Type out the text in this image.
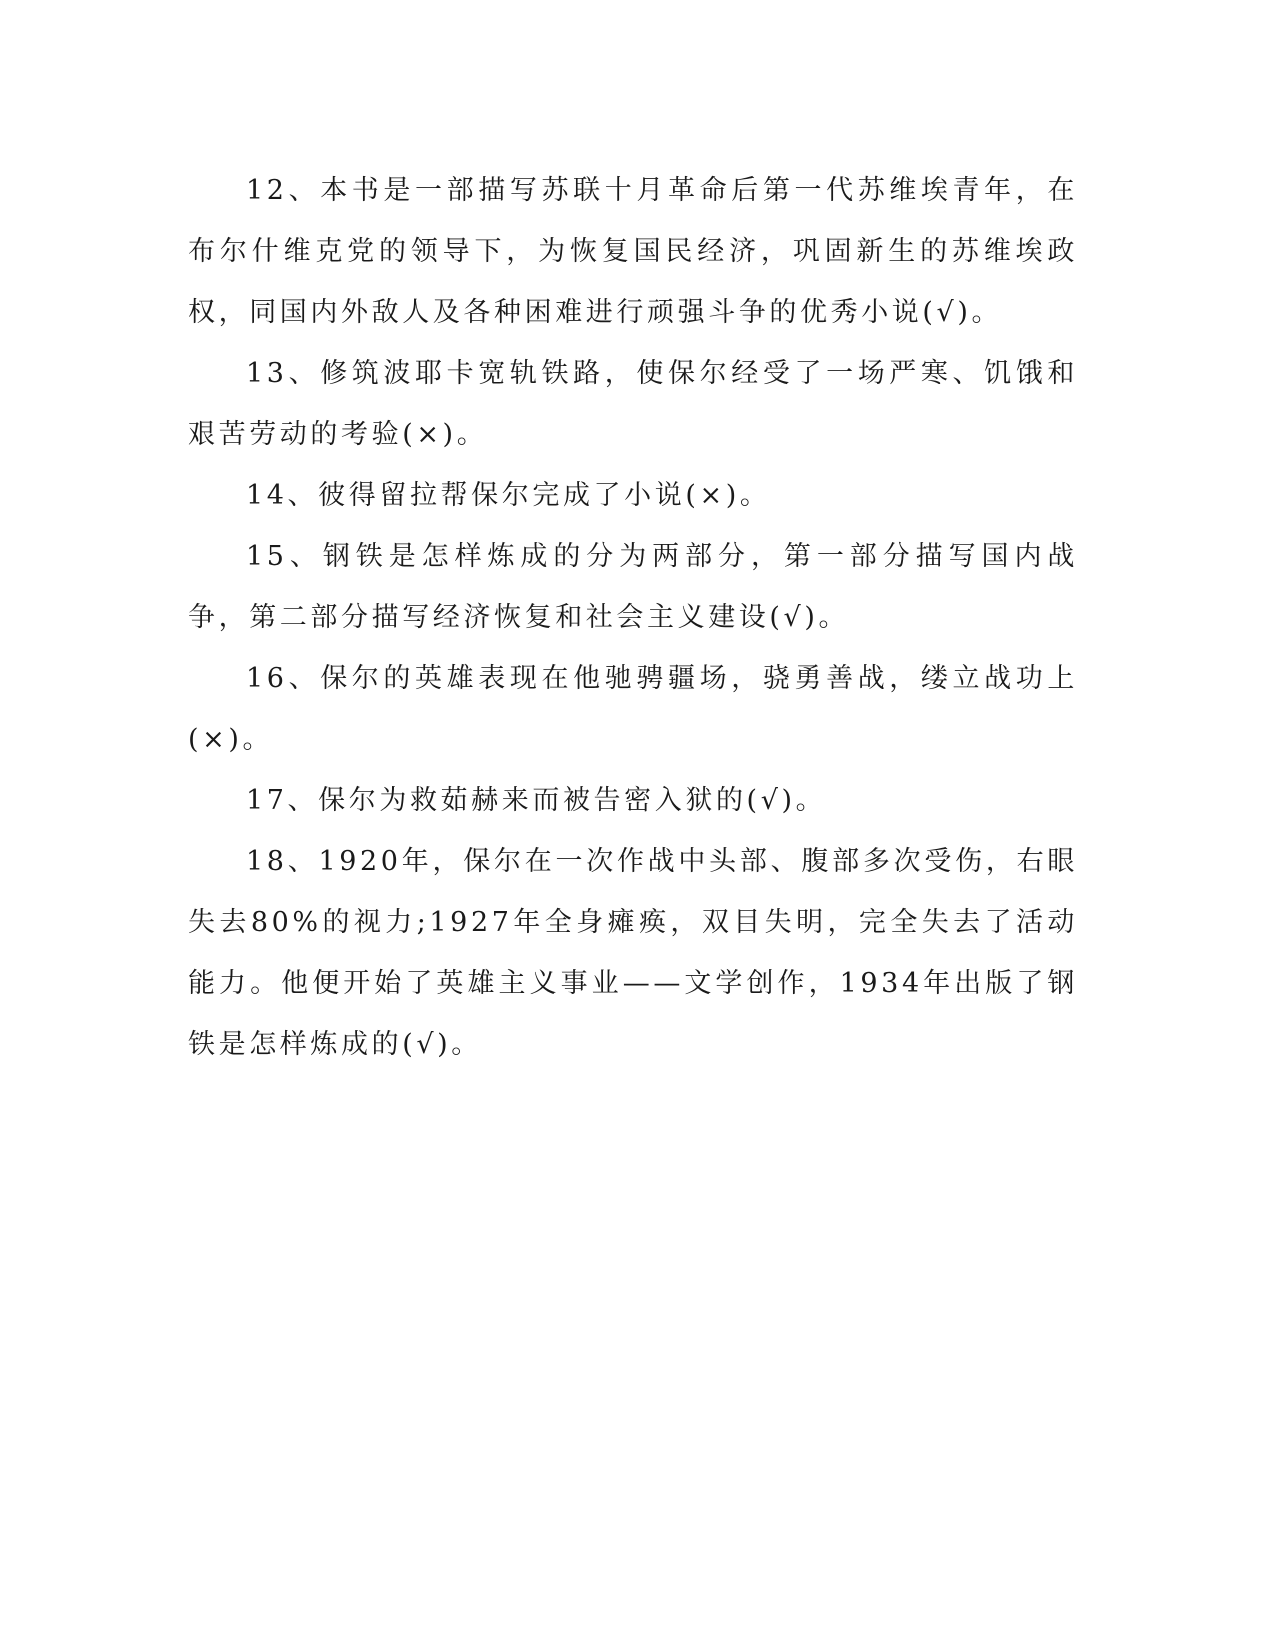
12、本书是一部描写苏联十月革命后第一代苏维埃青年，在布尔什维克党的领导下，为恢复国民经济，巩固新生的苏维埃政权，同国内外敌人及各种困难进行顽强斗争的优秀小说(√)。

13、修筑波耶卡宽轨铁路，使保尔经受了一场严寒、饥饿和艰苦劳动的考验(×)。

14、彼得留拉帮保尔完成了小说(×)。

15、钢铁是怎样炼成的分为两部分，第一部分描写国内战争，第二部分描写经济恢复和社会主义建设(√)。

16、保尔的英雄表现在他驰骋疆场，骁勇善战，缕立战功上(×)。

17、保尔为救茹赫来而被告密入狱的(√)。

18、1920年，保尔在一次作战中头部、腹部多次受伤，右眼失去80%的视力;1927年全身瘫痪，双目失明，完全失去了活动能力。他便开始了英雄主义事业——文学创作，1934年出版了钢铁是怎样炼成的(√)。
